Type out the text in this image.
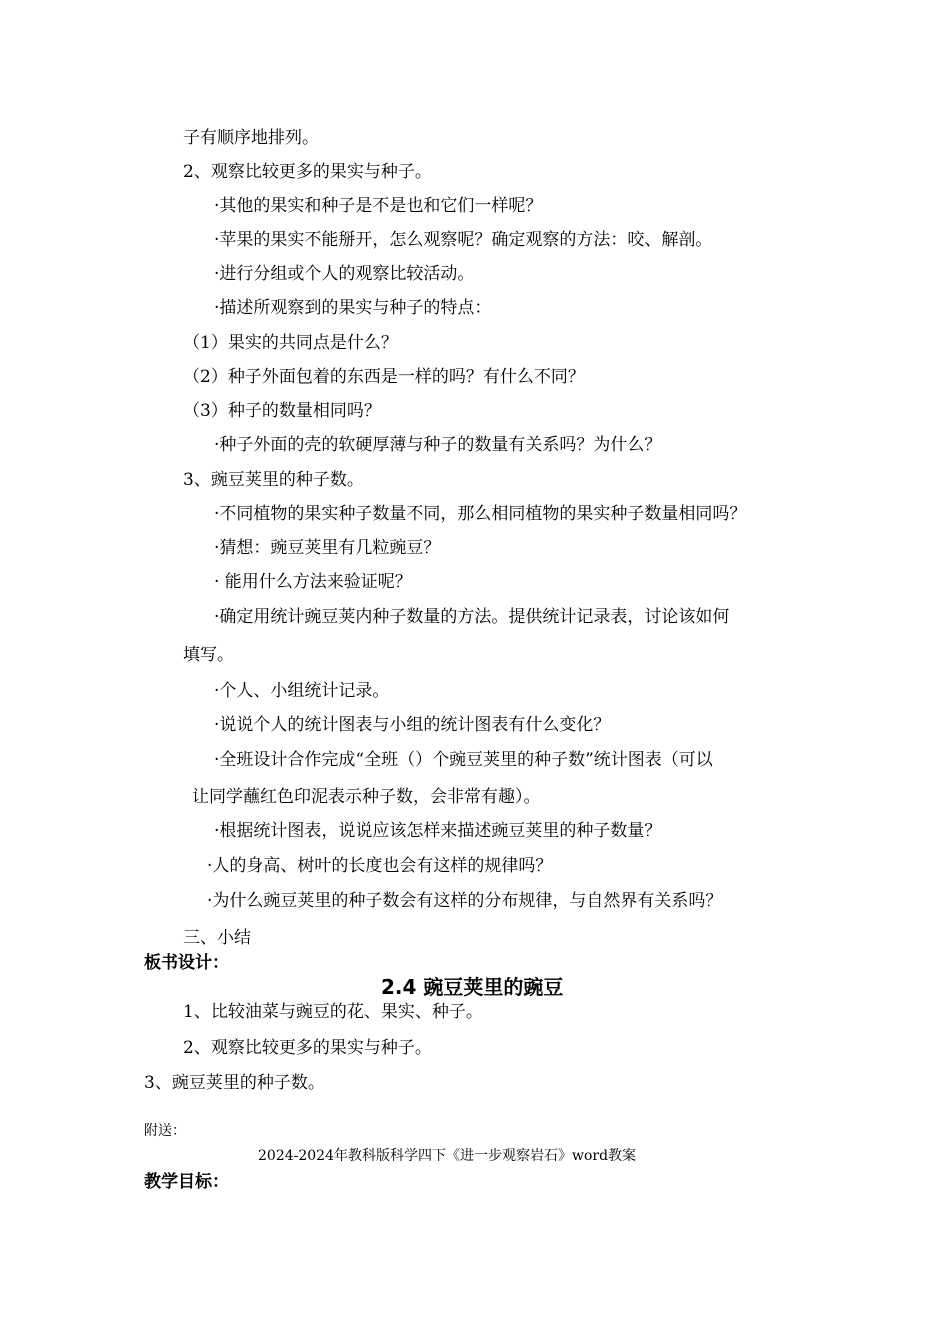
子有顺序地排列。
2、观察比较更多的果实与种子。
·其他的果实和种子是不是也和它们一样呢？
·苹果的果实不能掰开，怎么观察呢？确定观察的方法：咬、解剖。
·进行分组或个人的观察比较活动。
·描述所观察到的果实与种子的特点：
（1）果实的共同点是什么？
（2）种子外面包着的东西是一样的吗？有什么不同？
（3）种子的数量相同吗？
·种子外面的壳的软硬厚薄与种子的数量有关系吗？为什么？
3、豌豆荚里的种子数。
·不同植物的果实种子数量不同，那么相同植物的果实种子数量相同吗？
·猜想：豌豆荚里有几粒豌豆？
· 能用什么方法来验证呢？
·确定用统计豌豆荚内种子数量的方法。提供统计记录表，讨论该如何
填写。
·个人、小组统计记录。
·说说个人的统计图表与小组的统计图表有什么变化？
·全班设计合作完成“全班（）个豌豆荚里的种子数”统计图表（可以
让同学蘸红色印泥表示种子数，会非常有趣）。
·根据统计图表，说说应该怎样来描述豌豆荚里的种子数量？
·人的身高、树叶的长度也会有这样的规律吗？
·为什么豌豆荚里的种子数会有这样的分布规律，与自然界有关系吗？
三、小结
板书设计：
2.4 豌豆荚里的豌豆
1、比较油菜与豌豆的花、果实、种子。
2、观察比较更多的果实与种子。
3、豌豆荚里的种子数。
附送：
2024-2024年教科版科学四下《进一步观察岩石》word教案
教学目标：
